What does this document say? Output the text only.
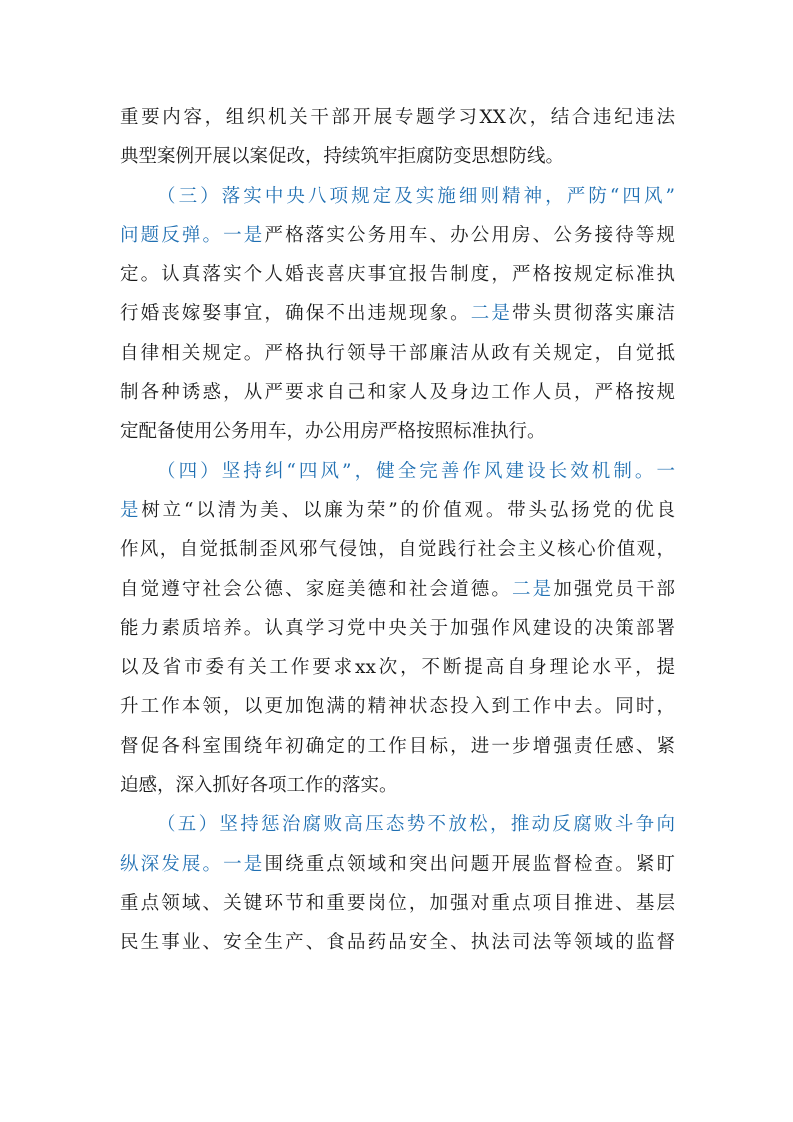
重要内容，组织机关干部开展专题学习XX次，结合违纪违法
典型案例开展以案促改，持续筑牢拒腐防变思想防线。
（三）落实中央八项规定及实施细则精神，严防“四风”
问题反弹。一是严格落实公务用车、办公用房、公务接待等规
定。认真落实个人婚丧喜庆事宜报告制度，严格按规定标准执
行婚丧嫁娶事宜，确保不出违规现象。二是带头贯彻落实廉洁
自律相关规定。严格执行领导干部廉洁从政有关规定，自觉抵
制各种诱惑，从严要求自己和家人及身边工作人员，严格按规
定配备使用公务用车，办公用房严格按照标准执行。
（四）坚持纠“四风”，健全完善作风建设长效机制。一
是树立“以清为美、以廉为荣”的价值观。带头弘扬党的优良
作风，自觉抵制歪风邪气侵蚀，自觉践行社会主义核心价值观，
自觉遵守社会公德、家庭美德和社会道德。二是加强党员干部
能力素质培养。认真学习党中央关于加强作风建设的决策部署
以及省市委有关工作要求xx次，不断提高自身理论水平，提
升工作本领，以更加饱满的精神状态投入到工作中去。同时，
督促各科室围绕年初确定的工作目标，进一步增强责任感、紧
迫感，深入抓好各项工作的落实。
（五）坚持惩治腐败高压态势不放松，推动反腐败斗争向
纵深发展。一是围绕重点领域和突出问题开展监督检查。紧盯
重点领域、关键环节和重要岗位，加强对重点项目推进、基层
民生事业、安全生产、食品药品安全、执法司法等领域的监督
